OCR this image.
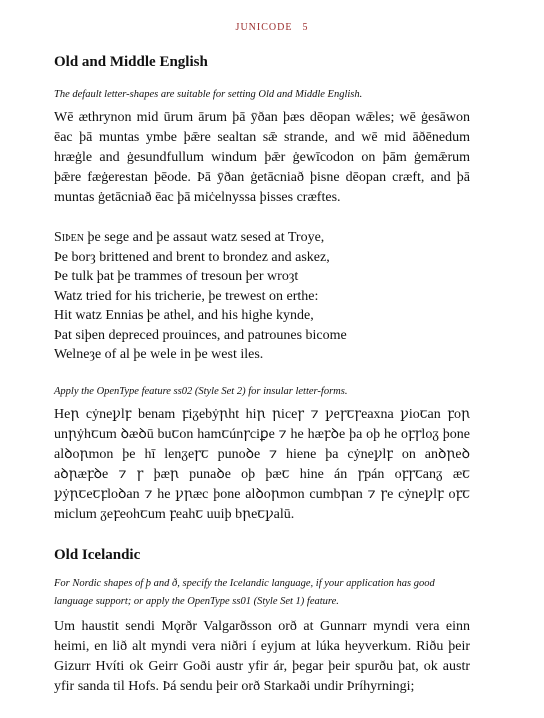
JUNICODE 5
Old and Middle English

The default letter-shapes are suitable for setting Old and Middle English.

Wē æthrynon mid ūrum ārum þā ȳðan þæs dēopan wǣles; wē ġesāwon ēac þā muntas ymbe þǣre sealtan sǣ strande, and wē mid āðēnedum hræġle and ġesundfullum windum þǣr ġewīcodon on þām ġemǣrum þǣre fæġerestan þēode. Þā ȳðan ġetācniað þisne dēopan cræft, and þā muntas ġetācniað ēac þā miċelnyssa þisses cræftes.

Siþen þe sege and þe assaut watz sesed at Troye,
Þe borȝ brittened and brent to brondez and askez,
Þe tulk þat þe trammes of tresoun þer wroȝt
Watz tried for his tricherie, þe trewest on erthe:
Hit watz Ennias þe athel, and his highe kynde,
Þat siþen depreced prouinces, and patrounes bicome
Welneȝe of al þe wele in þe west iles.

Apply the OpenType feature ss02 (Style Set 2) for insular letter-forms.

Heꞃ cẏneꝩlꝼ benam ꝼiᵹebẏꞃht hiꞃ ꞃiceꞅ ⁊ ꝩeꞅꞇꞅeaxna ꝩioꞇan ꝼoꞃ unꞃẏhꞇum ꝺæꝺū buꞇon hamꞇúnꞅciꝑe ⁊ he hæꝼꝺe þa oþ he oꝼꞅloᵹ þone alꝺoꞃmon þe hī lenᵹeꞅꞇ punoꝺe ⁊ hiene þa cẏneꝩlꝼ on anꝺꞃeꝺ aꝺꞃæꝼꝺe ⁊ ꞅ þæꞃ punaꝺe oþ þæꞇ hine án ꞅpán oꝼꞅꞇanᵹ æꞇ ꝩẏꞃꞇeꞇꝼloꝺan ⁊ he ꝩꞃæc þone alꝺoꞃmon cumbꞃan ⁊ ꞅe cẏneꝩlꝼ oꝼꞇ miclum ᵹeꝼeohꞇum ꝼeahꞇ uuiþ bꞃeꞇꝩalū.

Old Icelandic

For Nordic shapes of þ and ð, specify the Icelandic language, if your application has good language support; or apply the OpenType ss01 (Style Set 1) feature.

Um haustit sendi Mǫrðr Valgarðsson orð at Gunnarr myndi vera einn heimi, en lið alt myndi vera niðri í eyjum at lúka heyverkum. Riðu þeir Gizurr Hvíti ok Geirr Goði austr yfir ár, þegar þeir spurðu þat, ok austr yfir sanda til Hofs. Þá sendu þeir orð Starkaði undir Þríhyrningi;
